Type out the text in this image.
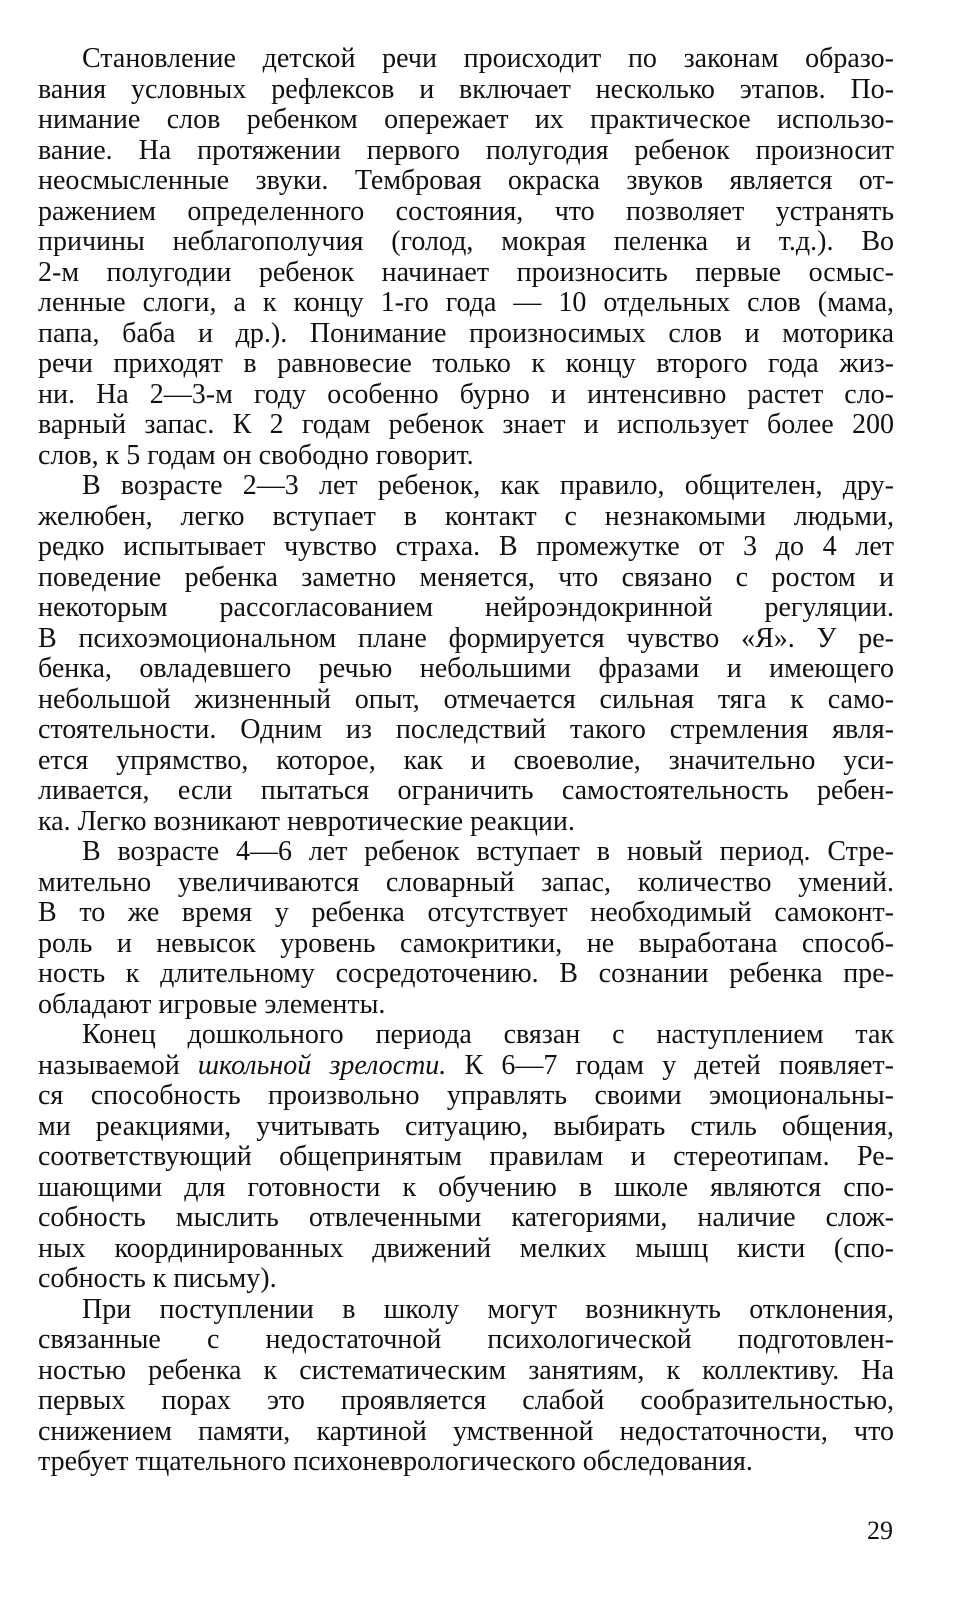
Становление детской речи происходит по законам образо-
вания условных рефлексов и включает несколько этапов. По-
нимание слов ребенком опережает их практическое использо-
вание. На протяжении первого полугодия ребенок произносит
неосмысленные звуки. Тембровая окраска звуков является от-
ражением определенного состояния, что позволяет устранять
причины неблагополучия (голод, мокрая пеленка и т.д.). Во
2-м полугодии ребенок начинает произносить первые осмыс-
ленные слоги, а к концу 1-го года — 10 отдельных слов (мама,
папа, баба и др.). Понимание произносимых слов и моторика
речи приходят в равновесие только к концу второго года жиз-
ни. На 2—3-м году особенно бурно и интенсивно растет сло-
варный запас. К 2 годам ребенок знает и использует более 200
слов, к 5 годам он свободно говорит.
В возрасте 2—3 лет ребенок, как правило, общителен, дру-
желюбен, легко вступает в контакт с незнакомыми людьми,
редко испытывает чувство страха. В промежутке от 3 до 4 лет
поведение ребенка заметно меняется, что связано с ростом и
некоторым рассогласованием нейроэндокринной регуляции.
В психоэмоциональном плане формируется чувство «Я». У ре-
бенка, овладевшего речью небольшими фразами и имеющего
небольшой жизненный опыт, отмечается сильная тяга к само-
стоятельности. Одним из последствий такого стремления явля-
ется упрямство, которое, как и своеволие, значительно уси-
ливается, если пытаться ограничить самостоятельность ребен-
ка. Легко возникают невротические реакции.
В возрасте 4—6 лет ребенок вступает в новый период. Стре-
мительно увеличиваются словарный запас, количество умений.
В то же время у ребенка отсутствует необходимый самоконт-
роль и невысок уровень самокритики, не выработана способ-
ность к длительному сосредоточению. В сознании ребенка пре-
обладают игровые элементы.
Конец дошкольного периода связан с наступлением так
называемой школьной зрелости. К 6—7 годам у детей появляет-
ся способность произвольно управлять своими эмоциональны-
ми реакциями, учитывать ситуацию, выбирать стиль общения,
соответствующий общепринятым правилам и стереотипам. Ре-
шающими для готовности к обучению в школе являются спо-
собность мыслить отвлеченными категориями, наличие слож-
ных координированных движений мелких мышц кисти (спо-
собность к письму).
При поступлении в школу могут возникнуть отклонения,
связанные с недостаточной психологической подготовлен-
ностью ребенка к систематическим занятиям, к коллективу. На
первых порах это проявляется слабой сообразительностью,
снижением памяти, картиной умственной недостаточности, что
требует тщательного психоневрологического обследования.
29
